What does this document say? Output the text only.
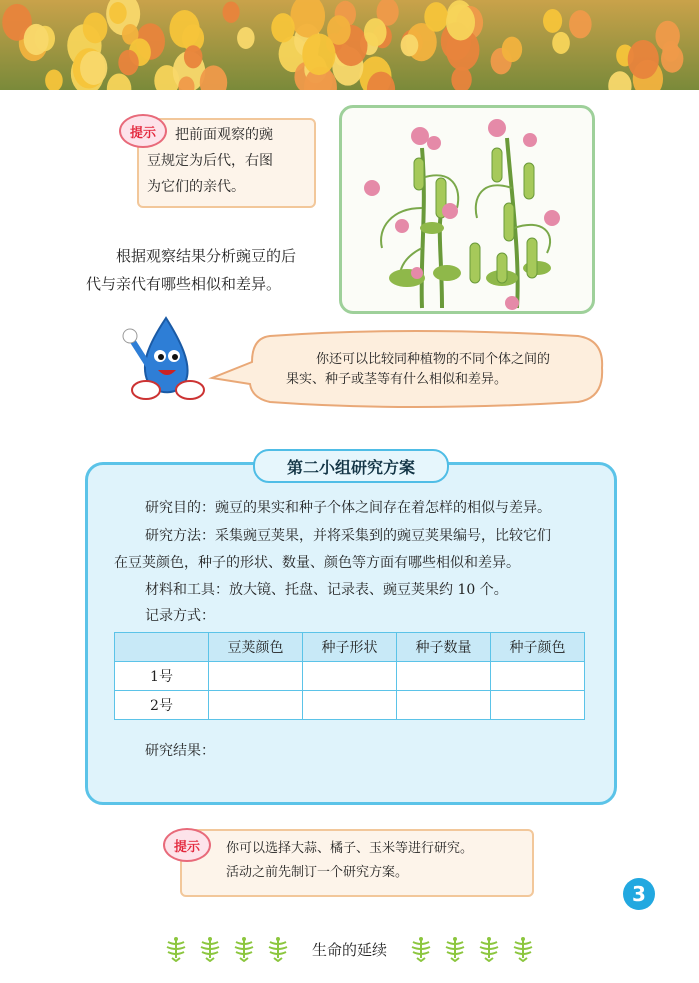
把前面观察的豌
豆规定为后代，右图
为它们的亲代。
提示
根据观察结果分析豌豆的后
代与亲代有哪些相似和差异。
你还可以比较同种植物的不同个体之间的
果实、种子或茎等有什么相似和差异。
第二小组研究方案
研究目的：豌豆的果实和种子个体之间存在着怎样的相似与差异。
研究方法：采集豌豆荚果，并将采集到的豌豆荚果编号，比较它们
在豆荚颜色，种子的形状、数量、颜色等方面有哪些相似和差异。
材料和工具：放大镜、托盘、记录表、豌豆荚果约 10 个。
记录方式：
	豆荚颜色	种子形状	种子数量	种子颜色
1号				
2号				
研究结果：
你可以选择大蒜、橘子、玉米等进行研究。
活动之前先制订一个研究方案。
提示
3
生命的延续
